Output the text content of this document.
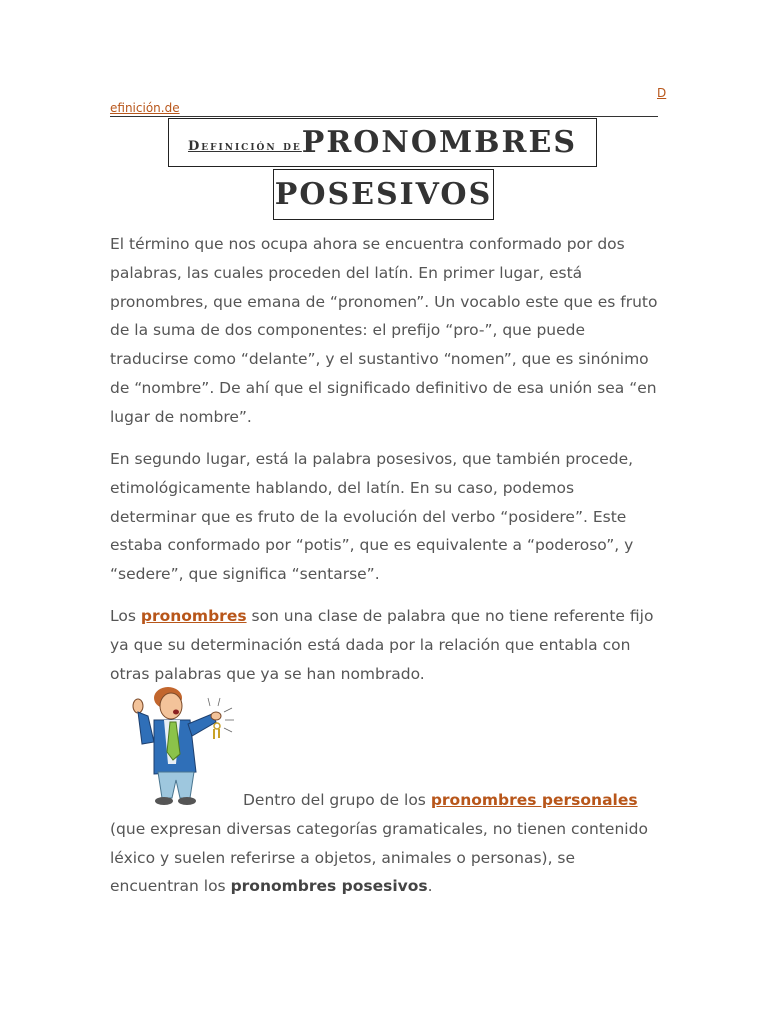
D
efinición.de
Definición dePRONOMBRES
POSESIVOS

El término que nos ocupa ahora se encuentra conformado por dos palabras, las cuales proceden del latín. En primer lugar, está pronombres, que emana de “pronomen”. Un vocablo este que es fruto de la suma de dos componentes: el prefijo “pro-”, que puede traducirse como “delante”, y el sustantivo “nomen”, que es sinónimo de “nombre”. De ahí que el significado definitivo de esa unión sea “en lugar de nombre”.

En segundo lugar, está la palabra posesivos, que también procede, etimológicamente hablando, del latín. En su caso, podemos determinar que es fruto de la evolución del verbo “posidere”. Este estaba conformado por “potis”, que es equivalente a “poderoso”, y “sedere”, que significa “sentarse”.

Los pronombres son una clase de palabra que no tiene referente fijo ya que su determinación está dada por la relación que entabla con otras palabras que ya se han nombrado.

Dentro del grupo de los pronombres personales (que expresan diversas categorías gramaticales, no tienen contenido léxico y suelen referirse a objetos, animales o personas), se encuentran los pronombres posesivos.
